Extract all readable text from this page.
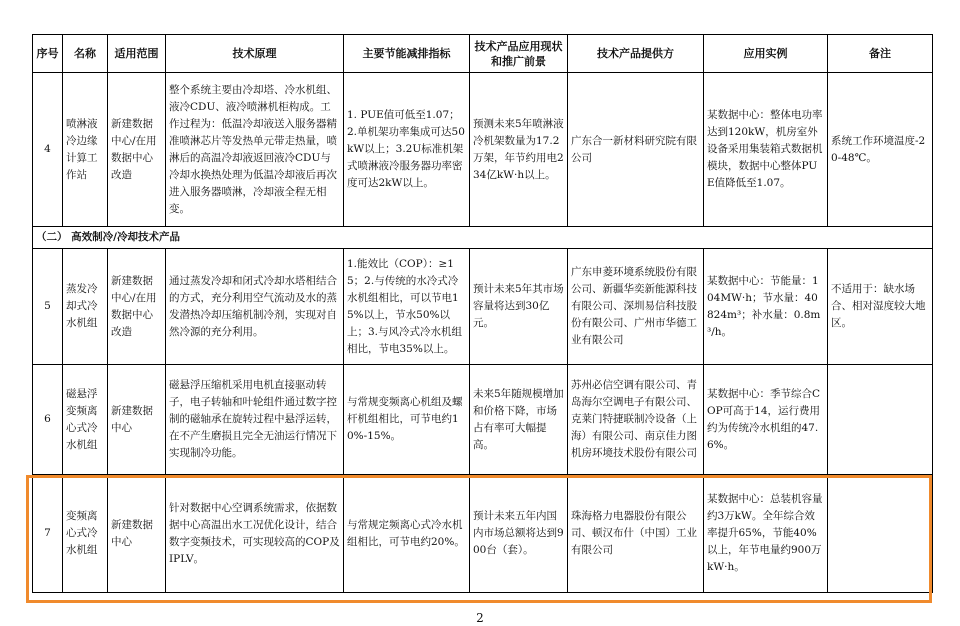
序号	名称	适用范围	技术原理	主要节能减排指标	技术产品应用现状和推广前景	技术产品提供方	应用实例	备注
4	喷淋液冷边缘计算工作站	新建数据中心/在用数据中心改造	整个系统主要由冷却塔、冷水机组、液冷CDU、液冷喷淋机柜构成。工作过程为：低温冷却液送入服务器精准喷淋芯片等发热单元带走热量，喷淋后的高温冷却液返回液冷CDU与冷却水换热处理为低温冷却液后再次进入服务器喷淋，冷却液全程无相变。	1. PUE值可低至1.07；2.单机架功率集成可达50kW以上；3.2U标准机架式喷淋液冷服务器功率密度可达2kW以上。	预测未来5年喷淋液冷机架数量为17.2万架，年节约用电234亿kW·h以上。	广东合一新材料研究院有限公司	某数据中心：整体电功率达到120kW，机房室外设备采用集装箱式数据机模块，数据中心整体PUE值降低至1.07。	系统工作环境温度-20-48℃。
（二） 高效制冷/冷却技术产品								
5	蒸发冷却式冷水机组	新建数据中心/在用数据中心改造	通过蒸发冷却和闭式冷却水塔相结合的方式，充分利用空气流动及水的蒸发潜热冷却压缩机制冷剂，实现对自然冷源的充分利用。	1.能效比（COP）：≥15；2.与传统的水冷式冷水机组相比，可以节电15%以上，节水50%以上；3.与风冷式冷水机组相比，节电35%以上。	预计未来5年其市场容量将达到30亿元。	广东申菱环境系统股份有限公司、新疆华奕新能源科技有限公司、深圳易信科技股份有限公司、广州市华德工业有限公司	某数据中心：节能量：104MW·h；节水量：40824m³；补水量：0.8m³/h。	不适用于：缺水场合、相对湿度较大地区。
6	磁悬浮变频离心式冷水机组	新建数据中心	磁悬浮压缩机采用电机直接驱动转子，电子转轴和叶轮组件通过数字控制的磁轴承在旋转过程中悬浮运转，在不产生磨损且完全无油运行情况下实现制冷功能。	与常规变频离心机组及螺杆机组相比，可节电约10%-15%。	未来5年随规模增加和价格下降，市场占有率可大幅提高。	苏州必信空调有限公司、青岛海尔空调电子有限公司、克莱门特捷联制冷设备（上海）有限公司、南京佳力图机房环境技术股份有限公司	某数据中心：季节综合COP可高于14，运行费用约为传统冷水机组的47.6%。	
7	变频离心式冷水机组	新建数据中心	针对数据中心空调系统需求，依据数据中心高温出水工况优化设计，结合数字变频技术，可实现较高的COP及IPLV。	与常规定频离心式冷水机组相比，可节电约20%。	预计未来五年内国内市场总额将达到900台（套）。	珠海格力电器股份有限公司、顿汉布什（中国）工业有限公司	某数据中心：总装机容量约3万kW。全年综合效率提升65%，节能40%以上，年节电量约900万kW·h。	
2
